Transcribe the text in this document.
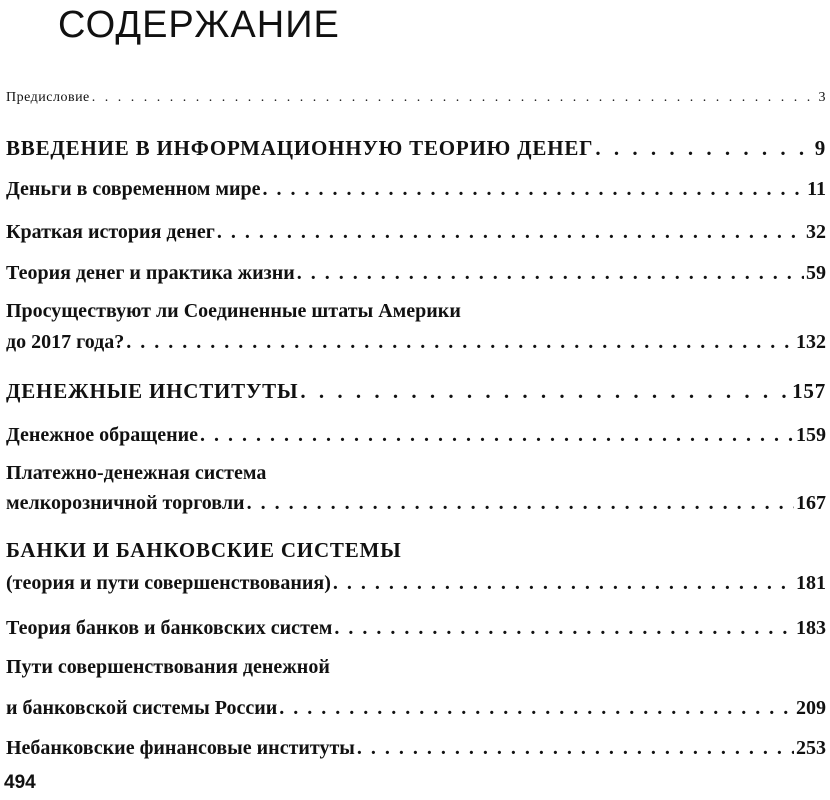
СОДЕРЖАНИЕ
Предисловие . . .	3
ВВЕДЕНИЕ В ИНФОРМАЦИОННУЮ ТЕОРИЮ ДЕНЕГ . . .	9
Деньги в современном мире . . .	11
Краткая история денег . . .	32
Теория денег и практика жизни . . .	59
Просуществуют ли Соединенные штаты Америки
до 2017 года? . . .	132
ДЕНЕЖНЫЕ ИНСТИТУТЫ . . .	157
Денежное обращение . . .	159
Платежно-денежная система
мелкорозничной торговли . . .	167
БАНКИ И БАНКОВСКИЕ СИСТЕМЫ
(теория и пути совершенствования) . . .	181
Теория банков и банковских систем . . .	183
Пути совершенствования денежной
и банковской системы России . . .	209
Небанковские финансовые институты . . .	253
494
